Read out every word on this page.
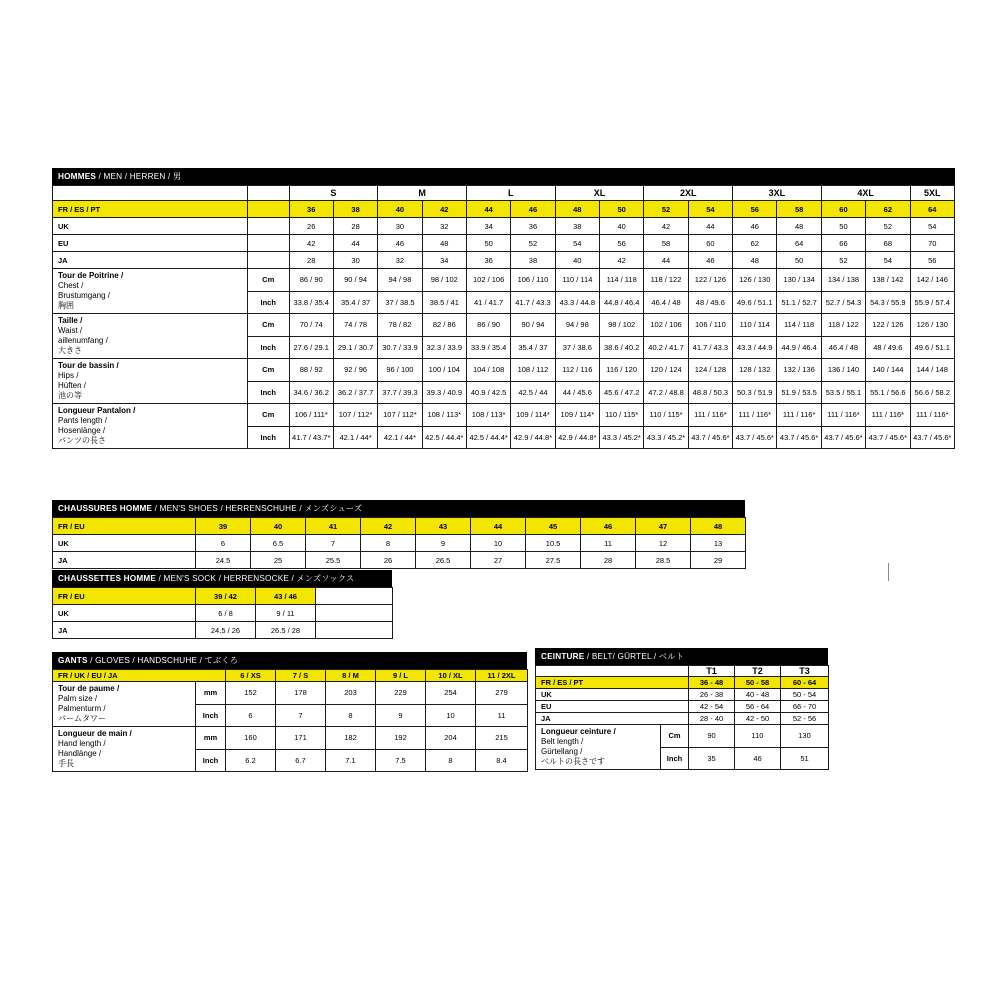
HOMMES / MEN / HERREN / 男
		S		M		L		XL		2XL		3XL		4XL		5XL
FR / ES / PT		36	38	40	42	44	46	48	50	52	54	56	58	60	62	64
UK		26	28	30	32	34	36	38	40	42	44	46	48	50	52	54
EU		42	44	46	48	50	52	54	56	58	60	62	64	66	68	70
JA		28	30	32	34	36	38	40	42	44	46	48	50	52	54	56

Tour de Poitrine /
Chest /
Brustumgang /
胸囲	Cm	86 / 90	90 / 94	94 / 98	98 / 102	102 / 106	106 / 110	110 / 114	114 / 118	118 / 122	122 / 126	126 / 130	130 / 134	134 / 138	138 / 142	142 / 146
	Inch	33.8 / 35.4	35.4 / 37	37 / 38.5	38.5 / 41	41 / 41.7	41.7 / 43.3	43.3 / 44.8	44.8 / 46.4	46.4 / 48	48 / 49.6	49.6 / 51.1	51.1 / 52.7	52.7 / 54.3	54.3 / 55.9	55.9 / 57.4

Taille /
Waist /
aillenumfang /
大きさ	Cm	70 / 74	74 / 78	78 / 82	82 / 86	86 / 90	90 / 94	94 / 98	98 / 102	102 / 106	106 / 110	110 / 114	114 / 118	118 / 122	122 / 126	126 / 130
	Inch	27.6 / 29.1	29.1 / 30.7	30.7 / 33.9	32.3 / 33.9	33.9 / 35.4	35.4 / 37	37 / 38.6	38.6 / 40.2	40.2 / 41.7	41.7 / 43.3	43.3 / 44.9	44.9 / 46.4	46.4 / 48	48 / 49.6	49.6 / 51.1

Tour de bassin /
Hips /
Hüften /
池の等	Cm	88 / 92	92 / 96	96 / 100	100 / 104	104 / 108	108 / 112	112 / 116	116 / 120	120 / 124	124 / 128	128 / 132	132 / 136	136 / 140	140 / 144	144 / 148
	Inch	34.6 / 36.2	36.2 / 37.7	37.7 / 39.3	39.3 / 40.9	40.9 / 42.5	42.5 / 44	44 / 45.6	45.6 / 47.2	47.2 / 48.8	48.8 / 50.3	50.3 / 51.9	51.9 / 53.5	53.5 / 55.1	55.1 / 56.6	56.6 / 58.2

Longueur Pantalon /
Pants length /
Hosenlänge /
パンツの長さ	Cm	106 / 111*	107 / 112*	107 / 112*	108 / 113*	108 / 113*	109 / 114*	109 / 114*	110 / 115*	110 / 115*	111 / 116*	111 / 116*	111 / 116*	111 / 116*	111 / 116*	111 / 116*
	Inch	41.7 / 43.7*	42.1 / 44*	42.1 / 44*	42.5 / 44.4*	42.5 / 44.4*	42.9 / 44.8*	42.9 / 44.8*	43.3 / 45.2*	43.3 / 45.2*	43.7 / 45.6*	43.7 / 45.6*	43.7 / 45.6*	43.7 / 45.6*	43.7 / 45.6*	43.7 / 45.6*
CHAUSSURES HOMME / MEN'S SHOES / HERRENSCHUHE / メンズシューズ
FR / EU	39	40	41	42	43	44	45	46	47	48
UK	6	6.5	7	8	9	10	10.5	11	12	13
JA	24.5	25	25.5	26	26.5	27	27.5	28	28.5	29
CHAUSSETTES HOMME / MEN'S SOCK / HERRENSOCKE / メンズソックス
FR / EU	39 / 42	43 / 46	
UK	6 / 8	9 / 11	
JA	24.5 / 26	26.5 / 28	
GANTS / GLOVES / HANDSCHUHE / てぶくろ
FR / UK / EU / JA		6 / XS	7 / S	8 / M	9 / L	10 / XL	11 / 2XL

Tour de paume /
Palm size /
Palmenturm /
パームタワー	mm	152	178	203	229	254	279
	Inch	6	7	8	9	10	11

Longueur de main /
Hand length /
Handlänge /
手長	mm	160	171	182	192	204	215
	Inch	6.2	6.7	7.1	7.5	8	8.4
CEINTURE / BELT/ GÜRTEL / ベルト
		T1	T2	T3
FR / ES / PT		36 - 48	50 - 58	60 - 64
UK		26 - 38	40 - 48	50 - 54
EU		42 - 54	56 - 64	66 - 70
JA		28 - 40	42 - 50	52 - 56

Longueur ceinture /
Belt length /
Gürtellang /
ベルトの長さです	Cm	90	110	130
	Inch	35	46	51
